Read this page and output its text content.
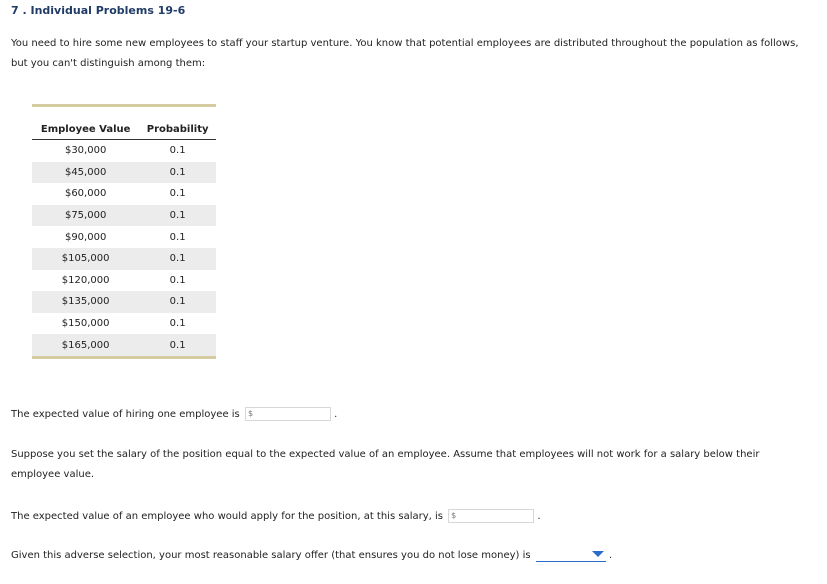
7 . Individual Problems 19-6
You need to hire some new employees to staff your startup venture. You know that potential employees are distributed throughout the population as follows, but you can't distinguish among them:
Employee Value	Probability
$30,000	0.1
$45,000	0.1
$60,000	0.1
$75,000	0.1
$90,000	0.1
$105,000	0.1
$120,000	0.1
$135,000	0.1
$150,000	0.1
$165,000	0.1
The expected value of hiring one employee is $	.
Suppose you set the salary of the position equal to the expected value of an employee. Assume that employees will not work for a salary below their employee value.
The expected value of an employee who would apply for the position, at this salary, is $	.
Given this adverse selection, your most reasonable salary offer (that ensures you do not lose money) is	.
